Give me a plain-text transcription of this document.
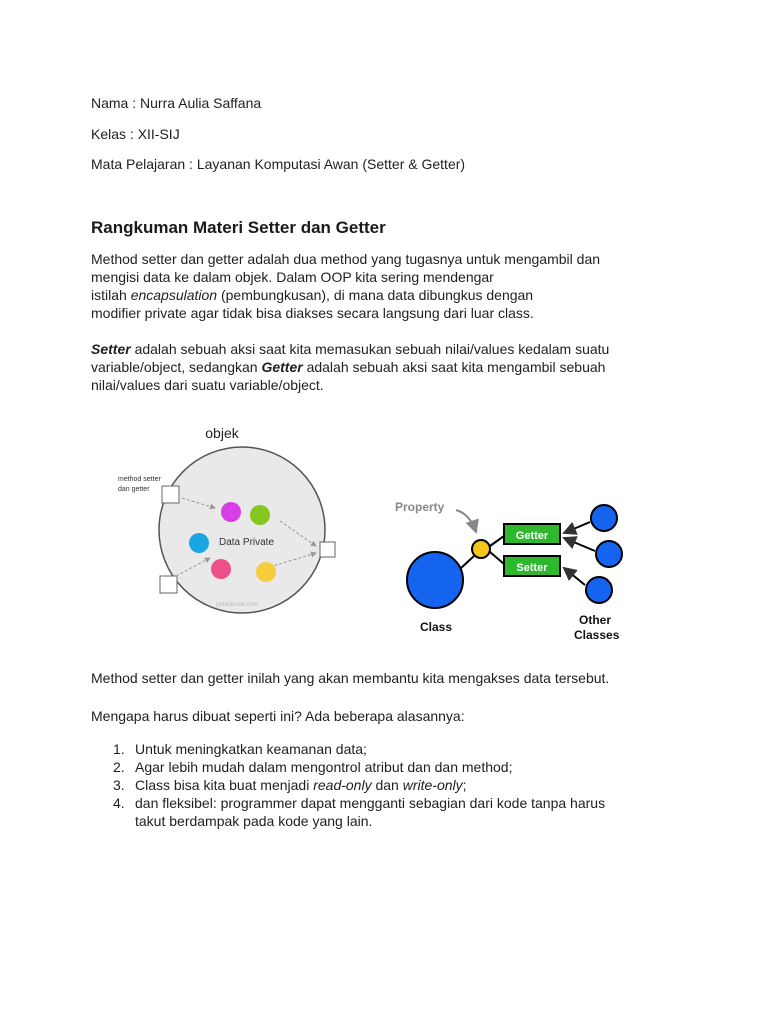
Nama : Nurra Aulia Saffana
Kelas : XII-SIJ
Mata Pelajaran : Layanan Komputasi Awan (Setter & Getter)
Rangkuman Materi Setter dan Getter
Method setter dan getter adalah dua method yang tugasnya untuk mengambil dan
mengisi data ke dalam objek. Dalam OOP kita sering mendengar
istilah encapsulation (pembungkusan), di mana data dibungkus dengan
modifier private agar tidak bisa diakses secara langsung dari luar class.
Setter adalah sebuah aksi saat kita memasukan sebuah nilai/values kedalam suatu
variable/object, sedangkan Getter adalah sebuah aksi saat kita mengambil sebuah
nilai/values dari suatu variable/object.
Method setter dan getter inilah yang akan membantu kita mengakses data tersebut.
Mengapa harus dibuat seperti ini? Ada beberapa alasannya:
1. Untuk meningkatkan keamanan data;
2. Agar lebih mudah dalam mengontrol atribut dan dan method;
3. Class bisa kita buat menjadi read-only dan write-only;
4. dan fleksibel: programmer dapat mengganti sebagian dari kode tanpa harus
takut berdampak pada kode yang lain.
objek
method setter
dan getter
Data Private
petanikode.com
Property
Getter
Setter
Class	Other
Classes
